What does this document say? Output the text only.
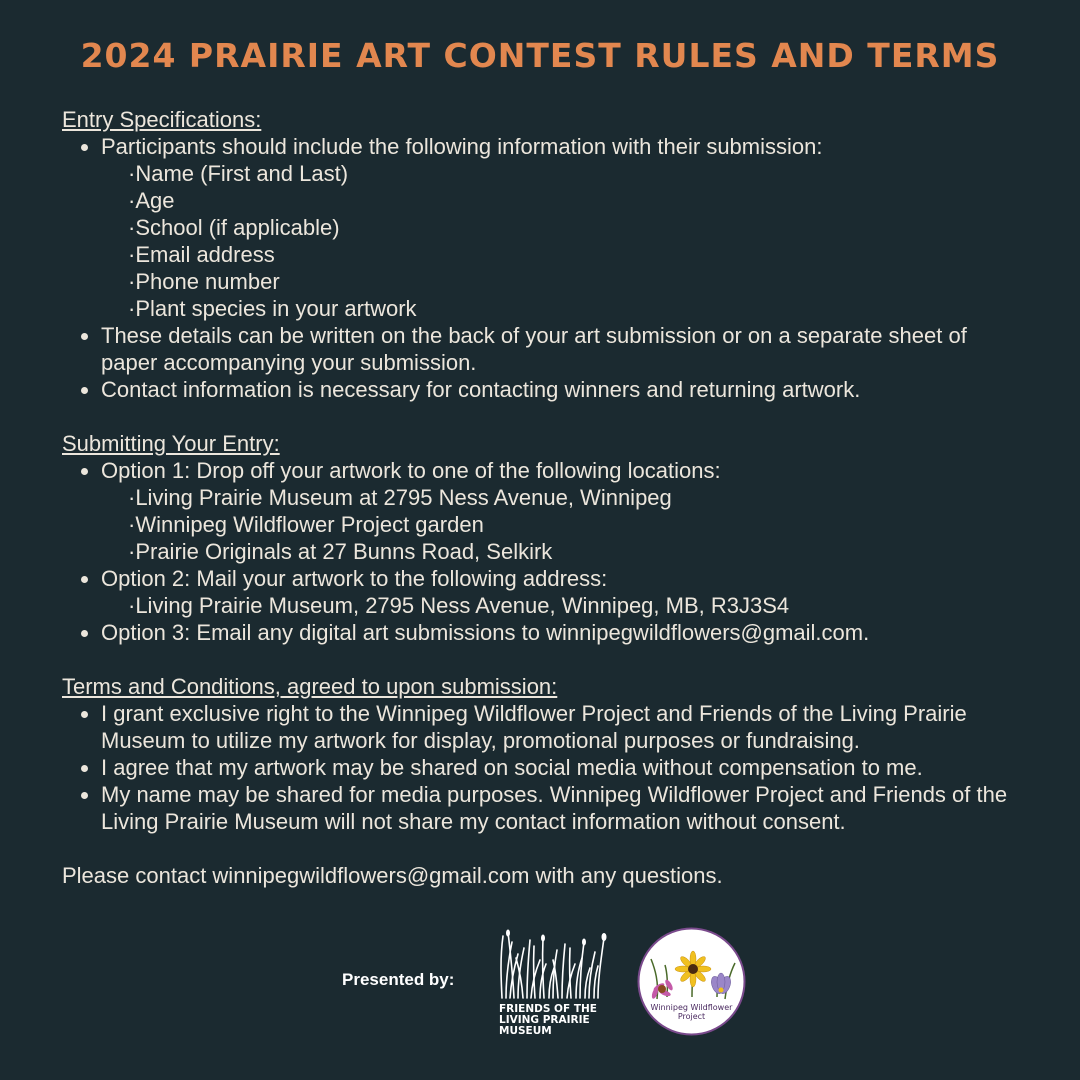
2024 PRAIRIE ART CONTEST RULES AND TERMS
Entry Specifications:
• Participants should include the following information with their submission:
·Name (First and Last)
·Age
·School (if applicable)
·Email address
·Phone number
·Plant species in your artwork
• These details can be written on the back of your art submission or on a separate sheet of paper accompanying your submission.
• Contact information is necessary for contacting winners and returning artwork.
Submitting Your Entry:
• Option 1: Drop off your artwork to one of the following locations:
·Living Prairie Museum at 2795 Ness Avenue, Winnipeg
·Winnipeg Wildflower Project garden
·Prairie Originals at 27 Bunns Road, Selkirk
• Option 2: Mail your artwork to the following address:
·Living Prairie Museum, 2795 Ness Avenue, Winnipeg, MB, R3J3S4
• Option 3: Email any digital art submissions to winnipegwildflowers@gmail.com.
Terms and Conditions, agreed to upon submission:
• I grant exclusive right to the Winnipeg Wildflower Project and Friends of the Living Prairie Museum to utilize my artwork for display, promotional purposes or fundraising.
• I agree that my artwork may be shared on social media without compensation to me.
• My name may be shared for media purposes. Winnipeg Wildflower Project and Friends of the Living Prairie Museum will not share my contact information without consent.
Please contact winnipegwildflowers@gmail.com with any questions.
Presented by:
FRIENDS OF THE
LIVING PRAIRIE
MUSEUM
Winnipeg Wildflower
Project
